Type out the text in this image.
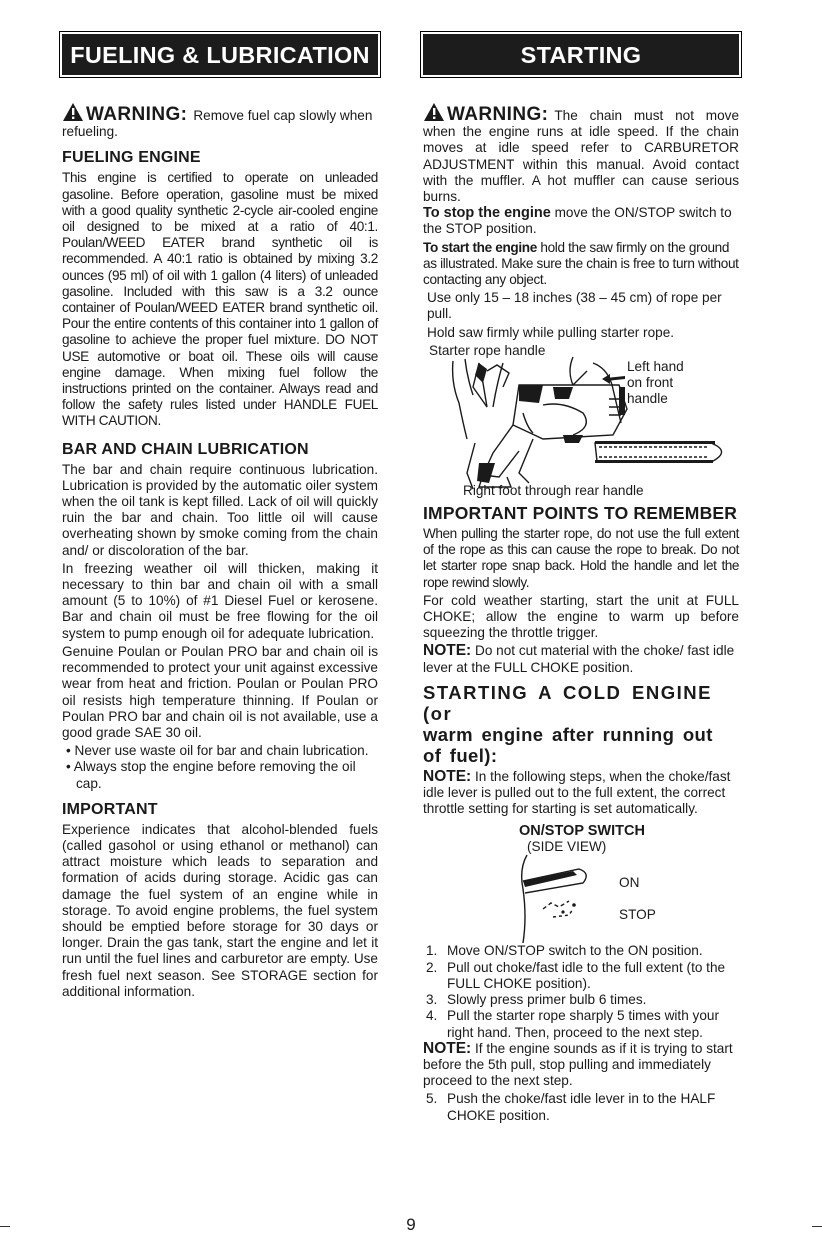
FUELING & LUBRICATION

WARNING: Remove fuel cap slowly when refueling.

FUELING ENGINE

This engine is certified to operate on unleaded gasoline. Before operation, gasoline must be mixed with a good quality synthetic 2-cycle air-cooled engine oil designed to be mixed at a ratio of 40:1. Poulan/WEED EATER brand synthetic oil is recommended. A 40:1 ratio is obtained by mixing 3.2 ounces (95 ml) of oil with 1 gallon (4 liters) of unleaded gasoline. Included with this saw is a 3.2 ounce container of Poulan/WEED EATER brand synthetic oil. Pour the entire contents of this container into 1 gallon of gasoline to achieve the proper fuel mixture. DO NOT USE automotive or boat oil. These oils will cause engine damage. When mixing fuel follow the instructions printed on the container. Always read and follow the safety rules listed under HANDLE FUEL WITH CAUTION.

BAR AND CHAIN LUBRICATION

The bar and chain require continuous lubrication. Lubrication is provided by the automatic oiler system when the oil tank is kept filled. Lack of oil will quickly ruin the bar and chain. Too little oil will cause overheating shown by smoke coming from the chain and/ or discoloration of the bar.

In freezing weather oil will thicken, making it necessary to thin bar and chain oil with a small amount (5 to 10%) of #1 Diesel Fuel or kerosene. Bar and chain oil must be free flowing for the oil system to pump enough oil for adequate lubrication.

Genuine Poulan or Poulan PRO bar and chain oil is recommended to protect your unit against excessive wear from heat and friction. Poulan or Poulan PRO oil resists high temperature thinning. If Poulan or Poulan PRO bar and chain oil is not available, use a good grade SAE 30 oil.

• Never use waste oil for bar and chain lubrication.
• Always stop the engine before removing the oil cap.
IMPORTANT

Experience indicates that alcohol-blended fuels (called gasohol or using ethanol or methanol) can attract moisture which leads to separation and formation of acids during storage. Acidic gas can damage the fuel system of an engine while in storage. To avoid engine problems, the fuel system should be emptied before storage for 30 days or longer. Drain the gas tank, start the engine and let it run until the fuel lines and carburetor are empty. Use fresh fuel next season. See STORAGE section for additional information.

STARTING

WARNING: The chain must not move when the engine runs at idle speed. If the chain moves at idle speed refer to CARBURETOR ADJUSTMENT within this manual. Avoid contact with the muffler. A hot muffler can cause serious burns.

To stop the engine move the ON/STOP switch to the STOP position.

To start the engine hold the saw firmly on the ground as illustrated. Make sure the chain is free to turn without contacting any object.

Use only 15 – 18 inches (38 – 45 cm) of rope per pull.

Hold saw firmly while pulling starter rope.

Starter rope handle
Left hand
on front
handle

Right foot through rear handle

IMPORTANT POINTS TO REMEMBER

When pulling the starter rope, do not use the full extent of the rope as this can cause the rope to break. Do not let starter rope snap back. Hold the handle and let the rope rewind slowly.

For cold weather starting, start the unit at FULL CHOKE; allow the engine to warm up before squeezing the throttle trigger.

NOTE: Do not cut material with the choke/ fast idle lever at the FULL CHOKE position.

STARTING A COLD ENGINE (or
warm engine after running out of fuel):

NOTE: In the following steps, when the choke/fast idle lever is pulled out to the full extent, the correct throttle setting for starting is set automatically.

ON/STOP SWITCH
(SIDE VIEW)
ON
STOP
1. Move ON/STOP switch to the ON position.
2. Pull out choke/fast idle to the full extent (to the FULL CHOKE position).
3. Slowly press primer bulb 6 times.
4. Pull the starter rope sharply 5 times with your right hand. Then, proceed to the next step.

NOTE: If the engine sounds as if it is trying to start before the 5th pull, stop pulling and immediately proceed to the next step.

5. Push the choke/fast idle lever in to the HALF CHOKE position.
9
